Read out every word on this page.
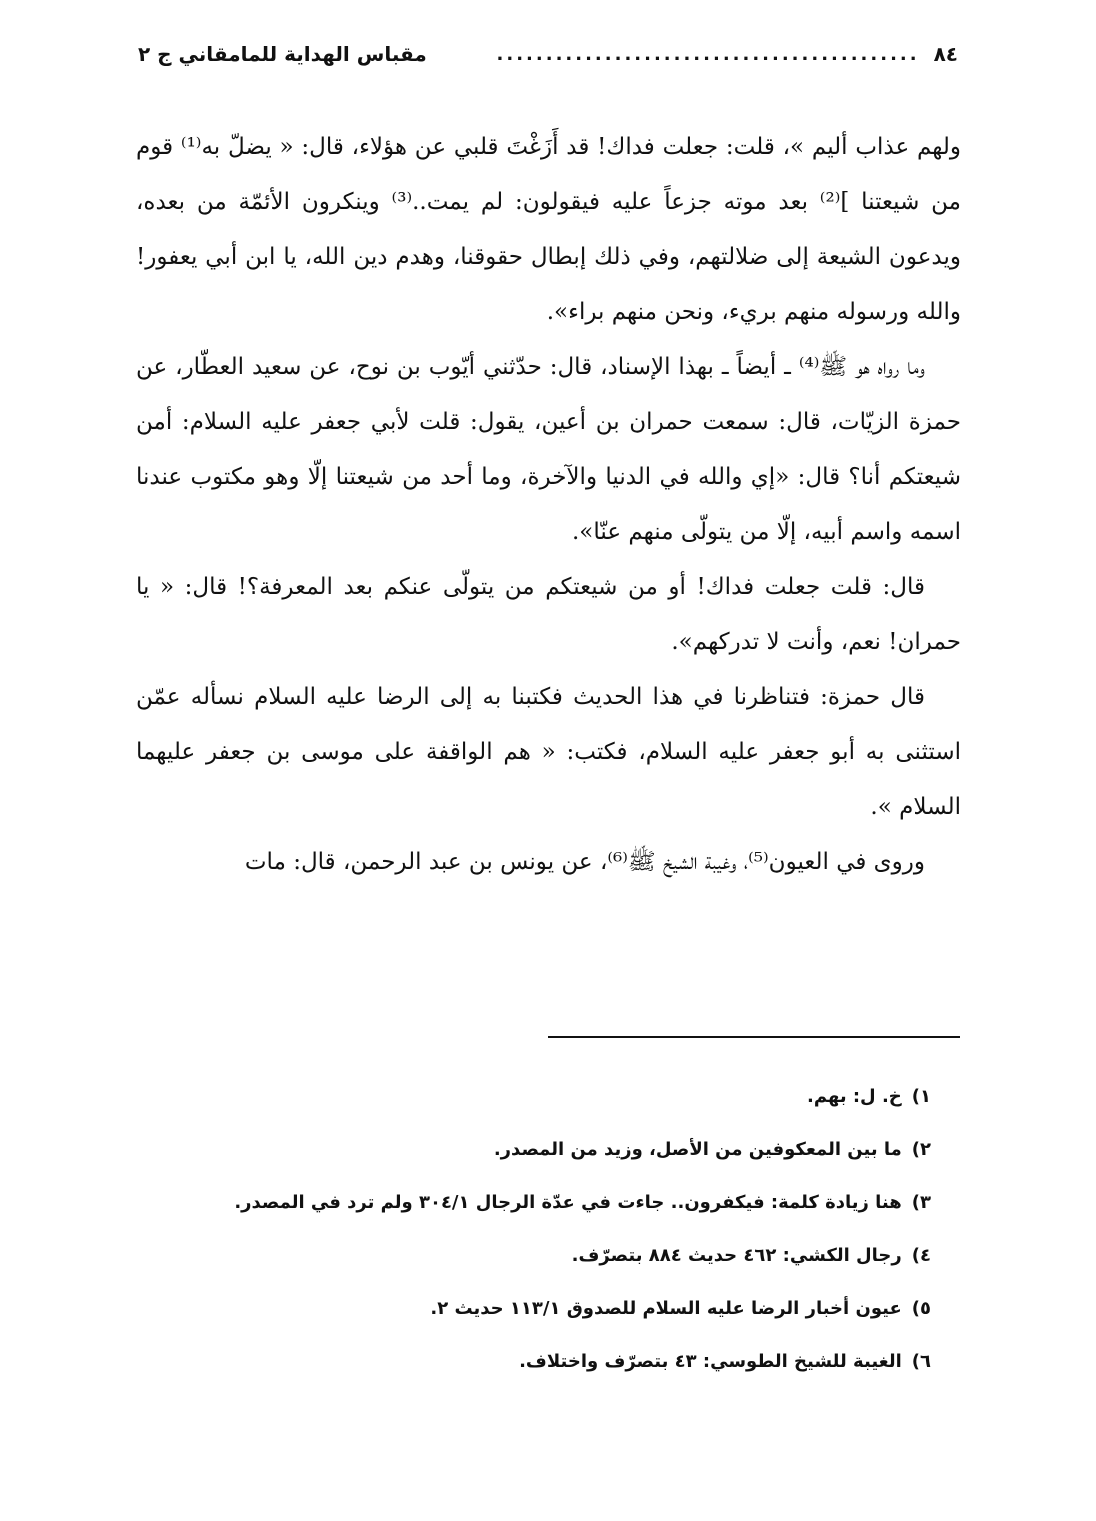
٨٤
...........................................
مقباس الهداية للمامقاني ج ٢

ولهم عذاب أليم »، قلت: جعلت فداك! قد أَزَغْتَ قلبي عن هؤلاء، قال: « يضلّ به⁽¹⁾ قوم من شيعتنا ]⁽²⁾ بعد موته جزعاً عليه فيقولون: لم يمت..⁽³⁾ وينكرون الأئمّة من بعده، ويدعون الشيعة إلى ضلالتهم، وفي ذلك إبطال حقوقنا، وهدم دين الله، يا ابن أبي يعفور! والله ورسوله منهم بريء، ونحن منهم براء».

وما رواه هو ﷺ⁽⁴⁾ ـ أيضاً ـ بهذا الإسناد، قال: حدّثني أيّوب بن نوح، عن سعيد العطّار، عن حمزة الزيّات، قال: سمعت حمران بن أعين، يقول: قلت لأبي جعفر عليه السلام: أمن شيعتكم أنا؟ قال: «إي والله في الدنيا والآخرة، وما أحد من شيعتنا إلّا وهو مكتوب عندنا اسمه واسم أبيه، إلّا من يتولّى منهم عنّا».

قال: قلت جعلت فداك! أو من شيعتكم من يتولّى عنكم بعد المعرفة؟! قال: « يا حمران! نعم، وأنت لا تدركهم».

قال حمزة: فتناظرنا في هذا الحديث فكتبنا به إلى الرضا عليه السلام نسأله عمّن استثنى به أبو جعفر عليه السلام، فكتب: « هم الواقفة على موسى بن جعفر عليهما السلام ».

وروى في العيون⁽⁵⁾، وغيبة الشيخ ﷺ⁽⁶⁾، عن يونس بن عبد الرحمن، قال: مات

١)خ. ل: بهم.
٢)ما بين المعكوفين من الأصل، وزيد من المصدر.
٣)هنا زيادة كلمة: فيكفرون.. جاءت في عدّة الرجال ٣٠٤/١ ولم ترد في المصدر.
٤)رجال الكشي: ٤٦٢ حديث ٨٨٤ بتصرّف.
٥)عيون أخبار الرضا عليه السلام للصدوق ١١٣/١ حديث ٢.
٦)الغيبة للشيخ الطوسي: ٤٣ بتصرّف واختلاف.
